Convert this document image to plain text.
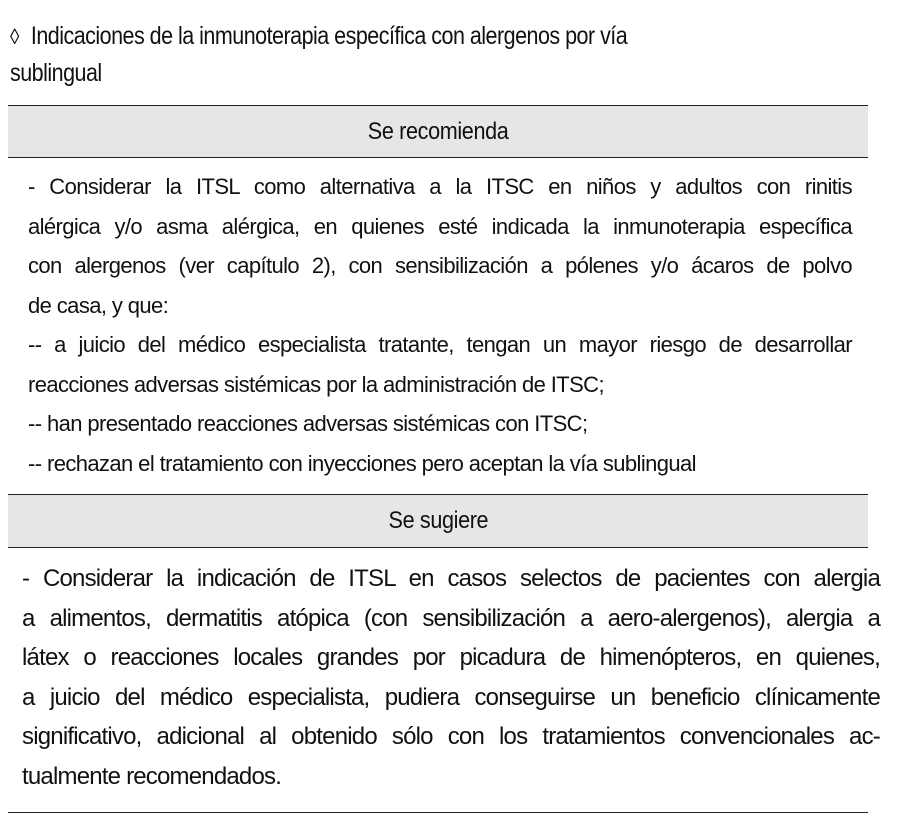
◊ Indicaciones de la inmunoterapia específica con alergenos por vía
sublingual
Se recomienda
- Considerar la ITSL como alternativa a la ITSC en niños y adultos con rinitis
alérgica y/o asma alérgica, en quienes esté indicada la inmunoterapia específica
con alergenos (ver capítulo 2), con sensibilización a pólenes y/o ácaros de polvo
de casa, y que:
-- a juicio del médico especialista tratante, tengan un mayor riesgo de desarrollar
reacciones adversas sistémicas por la administración de ITSC;
-- han presentado reacciones adversas sistémicas con ITSC;
-- rechazan el tratamiento con inyecciones pero aceptan la vía sublingual
Se sugiere
- Considerar la indicación de ITSL en casos selectos de pacientes con alergia
a alimentos, dermatitis atópica (con sensibilización a aero-alergenos), alergia a
látex o reacciones locales grandes por picadura de himenópteros, en quienes,
a juicio del médico especialista, pudiera conseguirse un beneficio clínicamente
significativo, adicional al obtenido sólo con los tratamientos convencionales ac-
tualmente recomendados.
